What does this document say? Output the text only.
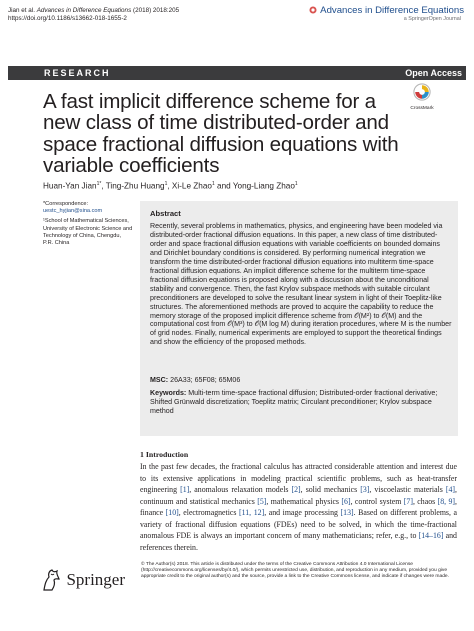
Jian et al. Advances in Difference Equations (2018) 2018:205
https://doi.org/10.1186/s13662-018-1655-2
Advances in Difference Equations
a SpringerOpen Journal
RESEARCH	Open Access
A fast implicit difference scheme for a new class of time distributed-order and space fractional diffusion equations with variable coefficients
CrossMark
Huan-Yan Jian$^{1*}$, Ting-Zhu Huang$^1$, Xi-Le Zhao$^1$ and Yong-Liang Zhao$^1$
*Correspondence:
uestc_hyjian@sina.com
¹School of Mathematical Sciences,
University of Electronic Science and
Technology of China, Chengdu,
P.R. China
Abstract
Recently, several problems in mathematics, physics, and engineering have been modeled via distributed-order fractional diffusion equations. In this paper, a new class of time distributed-order and space fractional diffusion equations with variable coefficients on bounded domains and Dirichlet boundary conditions is considered. By performing numerical integration we transform the time distributed-order fractional diffusion equations into multiterm time-space fractional diffusion equations. An implicit difference scheme for the multiterm time-space fractional diffusion equations is proposed along with a discussion about the unconditional stability and convergence. Then, the fast Krylov subspace methods with suitable circulant preconditioners are developed to solve the resultant linear system in light of their Toeplitz-like structures. The aforementioned methods are proved to acquire the capability to reduce the memory storage of the proposed implicit difference scheme from 𝒪(M²) to 𝒪(M) and the computational cost from 𝒪(M³) to 𝒪(M log M) during iteration procedures, where M is the number of grid nodes. Finally, numerical experiments are employed to support the theoretical findings and show the efficiency of the proposed methods.
MSC: 26A33; 65F08; 65M06
Keywords: Multi-term time-space fractional diffusion; Distributed-order fractional derivative; Shifted Grünwald discretization; Toeplitz matrix; Circulant preconditioner; Krylov subspace method
1 Introduction
In the past few decades, the fractional calculus has attracted considerable attention and interest due to its extensive applications in modeling practical scientific problems, such as heat-transfer engineering [1], anomalous relaxation models [2], solid mechanics [3], viscoelastic materials [4], continuum and statistical mechanics [5], mathematical physics [6], control system [7], chaos [8, 9], finance [10], electromagnetics [11, 12], and image processing [13]. Based on different problems, a variety of fractional diffusion equations (FDEs) need to be solved, in which the time-fractional anomalous FDE is always an important concern of many mathematicians; refer, e.g., to [14–16] and references therein.
Springer
© The Author(s) 2018. This article is distributed under the terms of the Creative Commons Attribution 4.0 International License (http://creativecommons.org/licenses/by/4.0/), which permits unrestricted use, distribution, and reproduction in any medium, provided you give appropriate credit to the original author(s) and the source, provide a link to the Creative Commons license, and indicate if changes were made.
